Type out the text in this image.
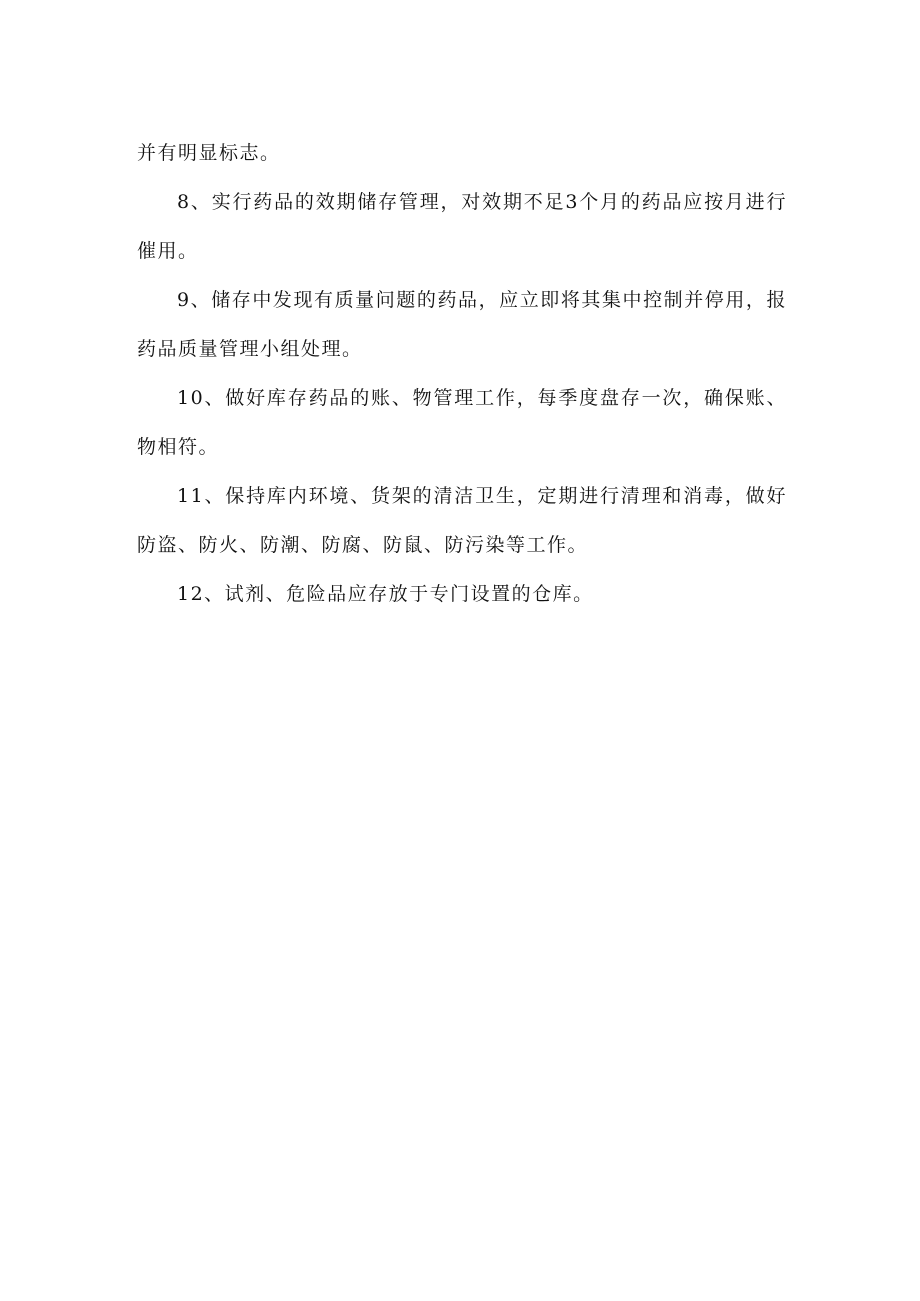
并有明显标志。

8、实行药品的效期储存管理，对效期不足3个月的药品应按月进行催用。

9、储存中发现有质量问题的药品，应立即将其集中控制并停用，报药品质量管理小组处理。

10、做好库存药品的账、物管理工作，每季度盘存一次，确保账、物相符。

11、保持库内环境、货架的清洁卫生，定期进行清理和消毒，做好防盗、防火、防潮、防腐、防鼠、防污染等工作。

12、试剂、危险品应存放于专门设置的仓库。
